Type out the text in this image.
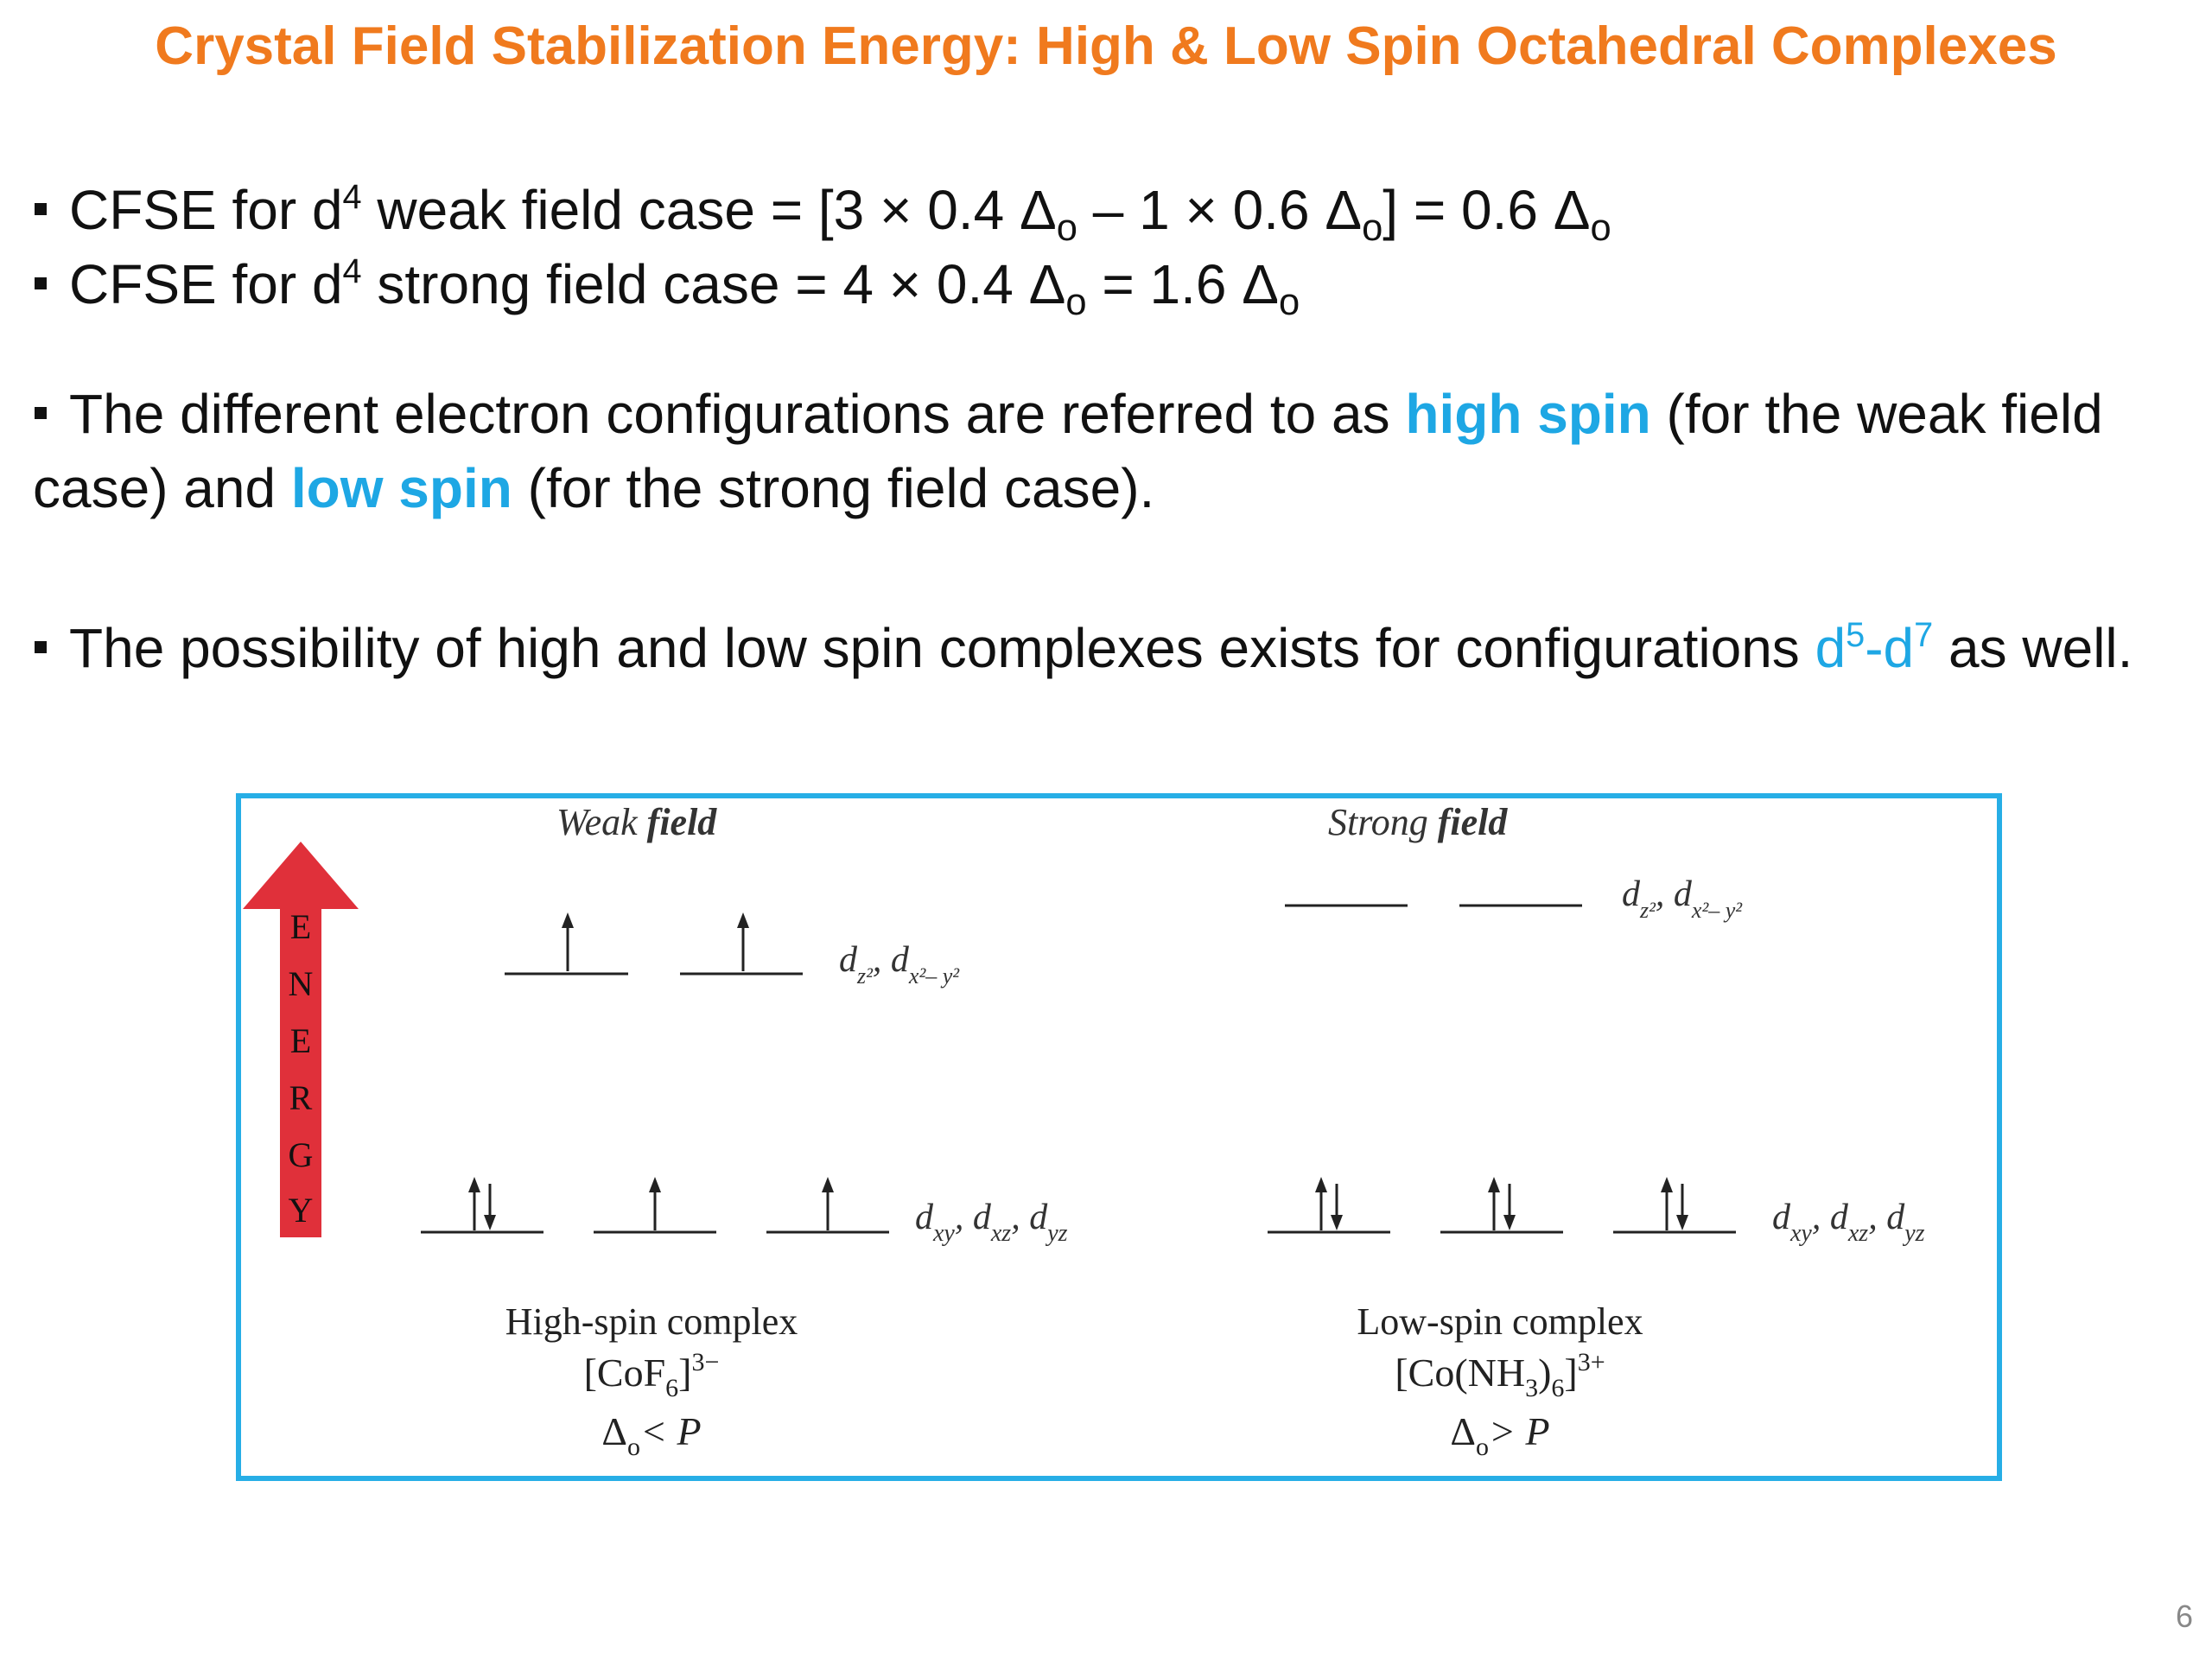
Crystal Field Stabilization Energy: High & Low Spin Octahedral Complexes
CFSE for $d^4$ weak field case = [3 × 0.4 $\Delta_o - 1 \times 0.6$ $\Delta_o] = 0.6$ $\Delta_o$
CFSE for $d^4$ strong field case = 4 × 0.4 $\Delta_o = 1.6$ $\Delta_o$
The different electron configurations are referred to as high spin (for the weak field
case) and low spin (for the strong field case).
The possibility of high and low spin complexes exists for configurations $d^5-d^7$ as well.
E
N
E
R
G
Y
Weak field	Strong field
$d_{z^2}$, $d_{x^2- y^2}$
$d_{xy}$, $d_{xz}$, $d_{yz}$
$d_{z^2}$, $d_{x^2- y^2}$
$d_{xy}$, $d_{xz}$, $d_{yz}$
High-spin complex
$[CoF_6]^{3-}$
$\Delta_o< P$
Low-spin complex
$[Co(NH_3)_6]^{3+}$
$\Delta_o> P$
6
